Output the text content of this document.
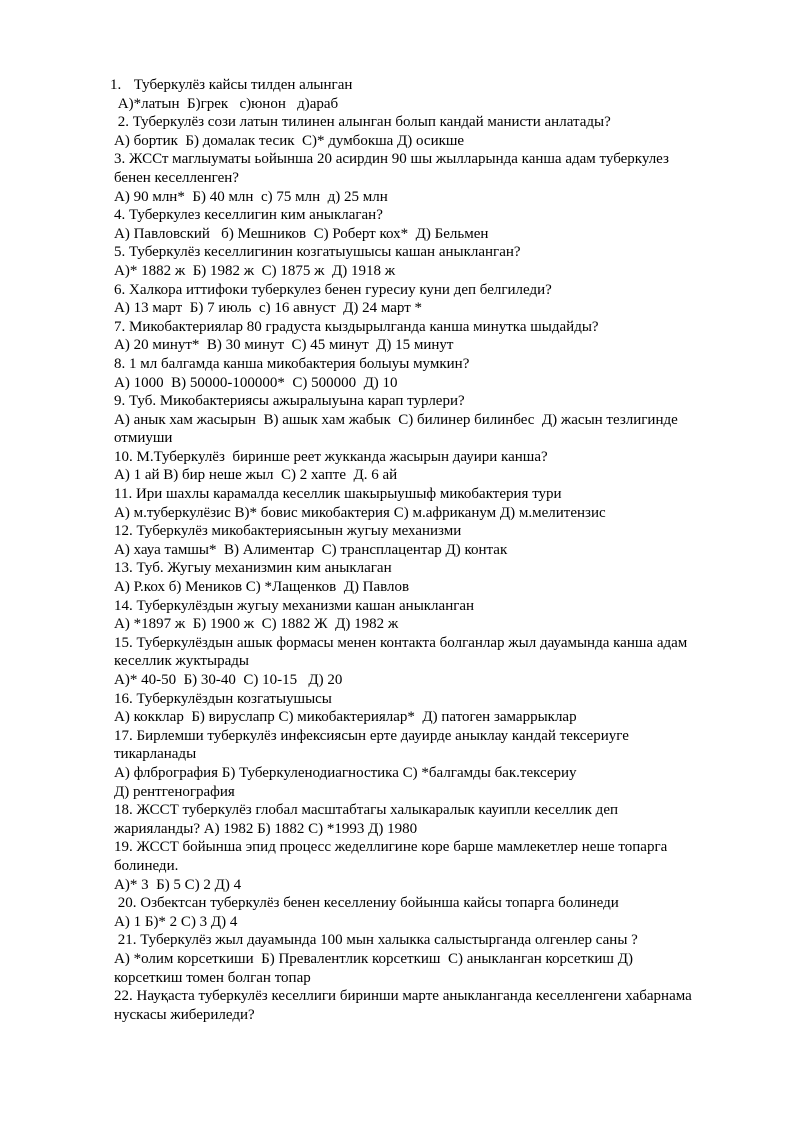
1. Туберкулёз кайсы тилден алынган

А)*латын  Б)грек   с)юнон   д)араб

2. Туберкулёз сози латын тилинен алынган болып кандай манисти анлатады?

А) бортик  Б) домалак тесик  С)* думбокша Д) осикше

3. ЖССт маглыуматы ьойынша 20 асирдин 90 шы жылларында канша адам туберкулез

бенен кеселленген?

А) 90 млн*  Б) 40 млн  с) 75 млн  д) 25 млн

4. Туберкулез кеселлигин ким аныклаган?

А) Павловский   б) Мешников  С) Роберт кох*  Д) Бельмен

5. Туберкулёз кеселлигинин козгатыушысы кашан аныкланган?

А)* 1882 ж  Б) 1982 ж  С) 1875 ж  Д) 1918 ж

6. Халкора иттифоки туберкулез бенен гуресиу куни деп белгиледи?

А) 13 март  Б) 7 июль  с) 16 авнуст  Д) 24 март *

7. Микобактериялар 80 градуста кыздырылганда канша минутка шыдайды?

А) 20 минут*  В) 30 минут  С) 45 минут  Д) 15 минут

8. 1 мл балгамда канша микобактерия болыуы мумкин?

А) 1000  В) 50000-100000*  С) 500000  Д) 10

9. Туб. Микобактериясы ажыралыуына карап турлери?

А) анык хам жасырын  В) ашык хам жабык  С) билинер билинбес  Д) жасын тезлигинде

отмиуши

10. М.Туберкулёз  биринше реет жукканда жасырын дауири канша?

А) 1 ай В) бир неше жыл  С) 2 хапте  Д. 6 ай

11. Ири шахлы карамалда кеселлик шакырыушыф микобактерия тури

А) м.туберкулёзис В)* бовис микобактерия С) м.африканум Д) м.мелитензис

12. Туберкулёз микобактериясынын жугыу механизми

А) хауа тамшы*  В) Алиментар  С) трансплацентар Д) контак

13. Туб. Жугыу механизмин ким аныклаган

А) Р.кох б) Меников С) *Лащенков  Д) Павлов

14. Туберкулёздын жугыу механизми кашан аныкланган

А) *1897 ж  Б) 1900 ж  С) 1882 Ж  Д) 1982 ж

15. Туберкулёздын ашык формасы менен контакта болганлар жыл дауамында канша адам

кеселлик жуктырады

А)* 40-50  Б) 30-40  С) 10-15   Д) 20

16. Туберкулёздын козгатыушысы

А) кокклар  Б) вируслапр С) микобактериялар*  Д) патоген замаррыклар

17. Бирлемши туберкулёз инфексиясын ерте дауирде аныклау кандай тексериуге

тикарланады

А) флбрография Б) Туберкуленодиагностика С) *балгамды бак.тексериу

Д) рентгенография

18. ЖССТ туберкулёз глобал масштабтагы халыкаралык кауипли кеселлик деп

жарияланды? А) 1982 Б) 1882 С) *1993 Д) 1980

19. ЖССТ бойынша эпид процесс жеделлигине коре барше мамлекетлер неше топарга

болинеди.

А)* 3  Б) 5 С) 2 Д) 4

20. Озбектсан туберкулёз бенен кеселлениу бойынша кайсы топарга болинеди

А) 1 Б)* 2 С) 3 Д) 4

21. Туберкулёз жыл дауамында 100 мын халыкка салыстырганда олгенлер саны ?

А) *олим корсеткиши  Б) Превалентлик корсеткиш  С) аныкланган корсеткиш Д)

корсеткиш томен болган топар

22. Науқаста туберкулёз кеселлиги биринши марте аныкланганда кеселленгени хабарнама

нускасы жибериледи?
